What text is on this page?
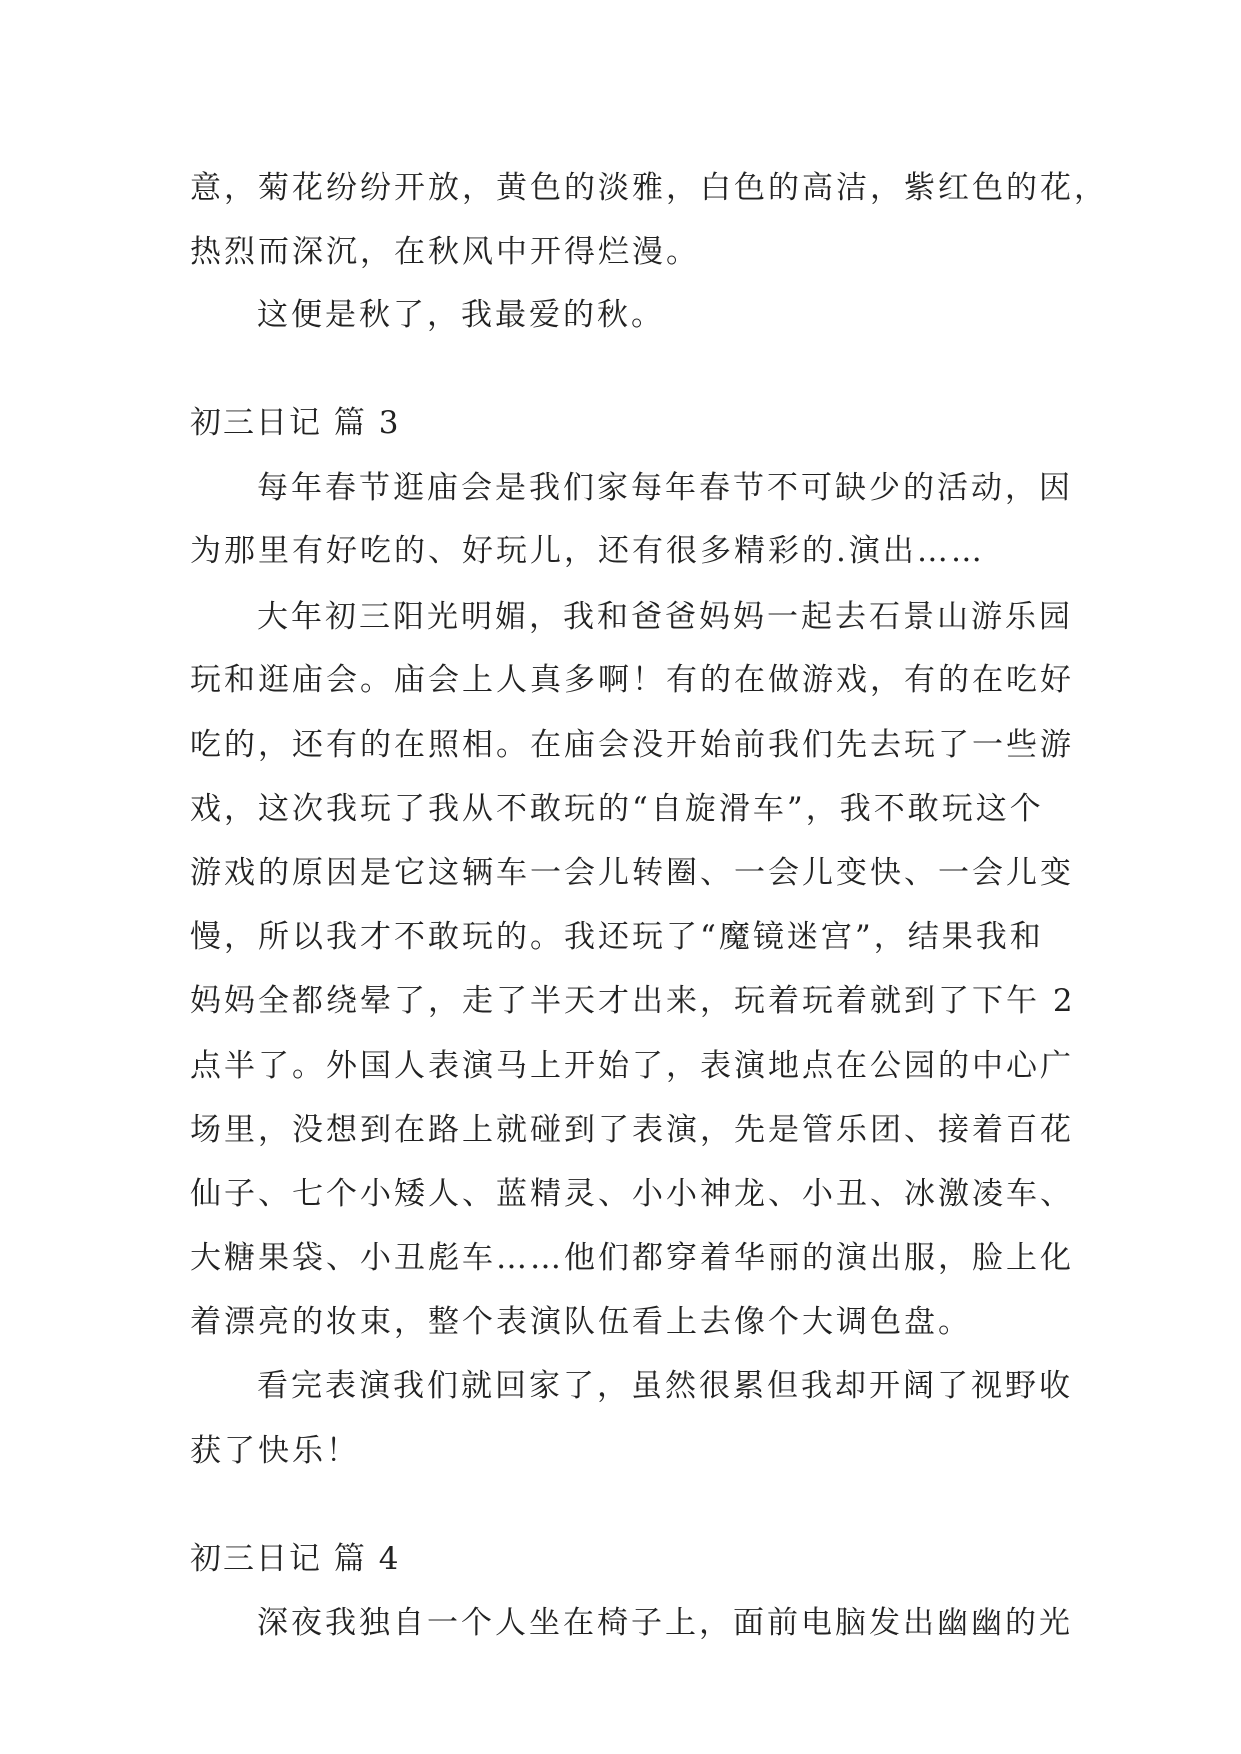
意，菊花纷纷开放，黄色的淡雅，白色的高洁，紫红色的花，

热烈而深沉，在秋风中开得烂漫。

这便是秋了，我最爱的秋。

初三日记 篇 3

每年春节逛庙会是我们家每年春节不可缺少的活动，因

为那里有好吃的、好玩儿，还有很多精彩的.演出……

大年初三阳光明媚，我和爸爸妈妈一起去石景山游乐园

玩和逛庙会。庙会上人真多啊！有的在做游戏，有的在吃好

吃的，还有的在照相。在庙会没开始前我们先去玩了一些游

戏，这次我玩了我从不敢玩的“自旋滑车”，我不敢玩这个

游戏的原因是它这辆车一会儿转圈、一会儿变快、一会儿变

慢，所以我才不敢玩的。我还玩了“魔镜迷宫”，结果我和

妈妈全都绕晕了，走了半天才出来，玩着玩着就到了下午 2

点半了。外国人表演马上开始了，表演地点在公园的中心广

场里，没想到在路上就碰到了表演，先是管乐团、接着百花

仙子、七个小矮人、蓝精灵、小小神龙、小丑、冰激凌车、

大糖果袋、小丑彪车……他们都穿着华丽的演出服，脸上化

着漂亮的妆束，整个表演队伍看上去像个大调色盘。

看完表演我们就回家了，虽然很累但我却开阔了视野收

获了快乐！

初三日记 篇 4

深夜我独自一个人坐在椅子上，面前电脑发出幽幽的光
